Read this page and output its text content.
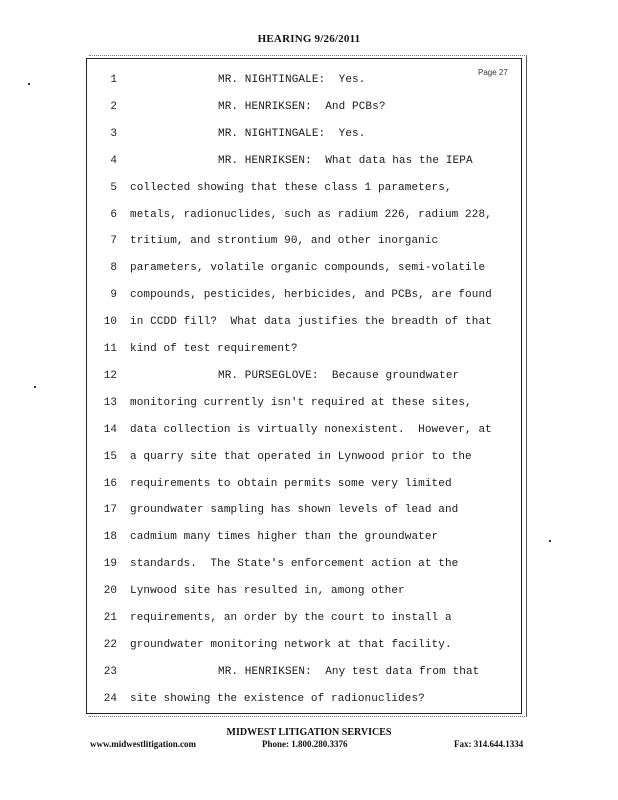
HEARING 9/26/2011
Page 27
1	MR. NIGHTINGALE:  Yes.
2	MR. HENRIKSEN:  And PCBs?
3	MR. NIGHTINGALE:  Yes.
4	MR. HENRIKSEN:  What data has the IEPA
5 collected showing that these class 1 parameters,
6 metals, radionuclides, such as radium 226, radium 228,
7 tritium, and strontium 90, and other inorganic
8 parameters, volatile organic compounds, semi-volatile
9 compounds, pesticides, herbicides, and PCBs, are found
10 in CCDD fill?  What data justifies the breadth of that
11 kind of test requirement?
12	MR. PURSEGLOVE:  Because groundwater
13 monitoring currently isn't required at these sites,
14 data collection is virtually nonexistent.  However, at
15 a quarry site that operated in Lynwood prior to the
16 requirements to obtain permits some very limited
17 groundwater sampling has shown levels of lead and
18 cadmium many times higher than the groundwater
19 standards.  The State's enforcement action at the
20 Lynwood site has resulted in, among other
21 requirements, an order by the court to install a
22 groundwater monitoring network at that facility.
23	MR. HENRIKSEN:  Any test data from that
24 site showing the existence of radionuclides?
MIDWEST LITIGATION SERVICES
www.midwestlitigation.com	Phone: 1.800.280.3376	Fax: 314.644.1334
